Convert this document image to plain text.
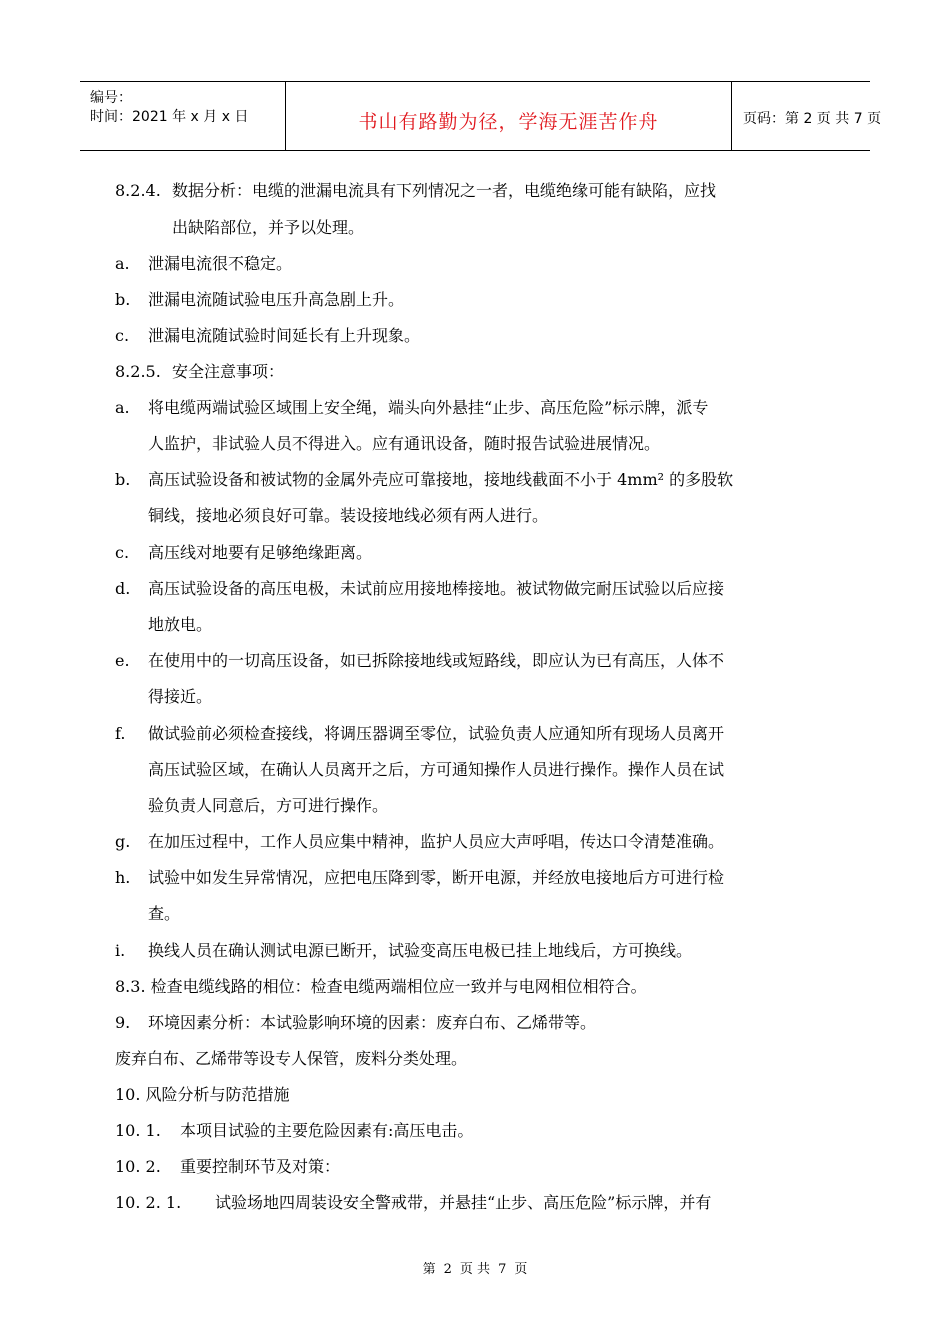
编号：
时间：2021 年 x 月 x 日	书山有路勤为径，学海无涯苦作舟	页码：第 2 页 共 7 页
8.2.4. 数据分析：电缆的泄漏电流具有下列情况之一者，电缆绝缘可能有缺陷，应找
出缺陷部位，并予以处理。
a. 泄漏电流很不稳定。
b. 泄漏电流随试验电压升高急剧上升。
c. 泄漏电流随试验时间延长有上升现象。
8.2.5. 安全注意事项：
a. 将电缆两端试验区域围上安全绳，端头向外悬挂“止步、高压危险”标示牌，派专
人监护，非试验人员不得进入。应有通讯设备，随时报告试验进展情况。
b. 高压试验设备和被试物的金属外壳应可靠接地，接地线截面不小于 4mm² 的多股软
铜线，接地必须良好可靠。装设接地线必须有两人进行。
c. 高压线对地要有足够绝缘距离。
d. 高压试验设备的高压电极，未试前应用接地棒接地。被试物做完耐压试验以后应接
地放电。
e. 在使用中的一切高压设备，如已拆除接地线或短路线，即应认为已有高压，人体不
得接近。
f. 做试验前必须检查接线，将调压器调至零位，试验负责人应通知所有现场人员离开
高压试验区域，在确认人员离开之后，方可通知操作人员进行操作。操作人员在试
验负责人同意后，方可进行操作。
g. 在加压过程中，工作人员应集中精神，监护人员应大声呼唱，传达口令清楚准确。
h. 试验中如发生异常情况，应把电压降到零，断开电源，并经放电接地后方可进行检
查。
i. 换线人员在确认测试电源已断开，试验变高压电极已挂上地线后，方可换线。
8.3. 检查电缆线路的相位：检查电缆两端相位应一致并与电网相位相符合。
9. 环境因素分析：本试验影响环境的因素：废弃白布、乙烯带等。
废弃白布、乙烯带等设专人保管，废料分类处理。
10. 风险分析与防范措施
10. 1. 本项目试验的主要危险因素有:高压电击。
10. 2. 重要控制环节及对策：
10. 2. 1. 试验场地四周装设安全警戒带，并悬挂“止步、高压危险”标示牌，并有
第 2 页 共 7 页
